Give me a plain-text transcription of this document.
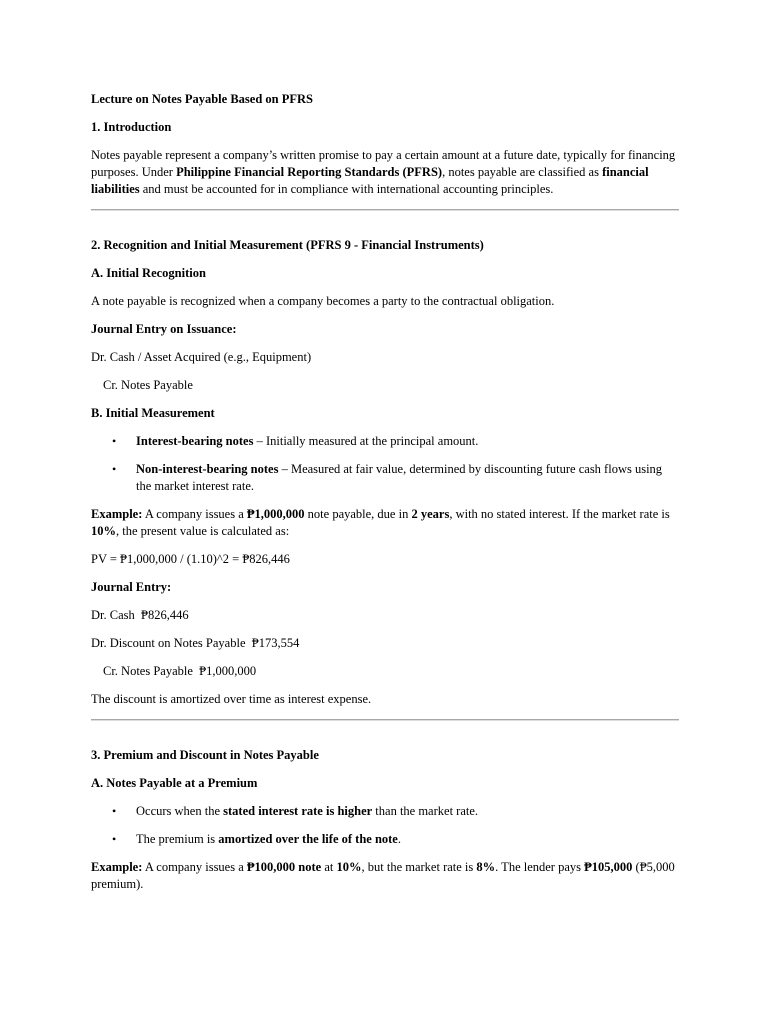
Lecture on Notes Payable Based on PFRS

1. Introduction

Notes payable represent a company’s written promise to pay a certain amount at a future date, typically for financing purposes. Under Philippine Financial Reporting Standards (PFRS), notes payable are classified as financial liabilities and must be accounted for in compliance with international accounting principles.

2. Recognition and Initial Measurement (PFRS 9 - Financial Instruments)

A. Initial Recognition

A note payable is recognized when a company becomes a party to the contractual obligation.

Journal Entry on Issuance:

Dr. Cash / Asset Acquired (e.g., Equipment)

Cr. Notes Payable

B. Initial Measurement

• Interest-bearing notes – Initially measured at the principal amount.
• Non-interest-bearing notes – Measured at fair value, determined by discounting future cash flows using the market interest rate.

Example: A company issues a ₱1,000,000 note payable, due in 2 years, with no stated interest. If the market rate is 10%, the present value is calculated as:

PV = ₱1,000,000 / (1.10)^2 = ₱826,446

Journal Entry:

Dr. Cash  ₱826,446

Dr. Discount on Notes Payable  ₱173,554

Cr. Notes Payable  ₱1,000,000

The discount is amortized over time as interest expense.

3. Premium and Discount in Notes Payable

A. Notes Payable at a Premium

• Occurs when the stated interest rate is higher than the market rate.
• The premium is amortized over the life of the note.

Example: A company issues a ₱100,000 note at 10%, but the market rate is 8%. The lender pays ₱105,000 (₱5,000 premium).
